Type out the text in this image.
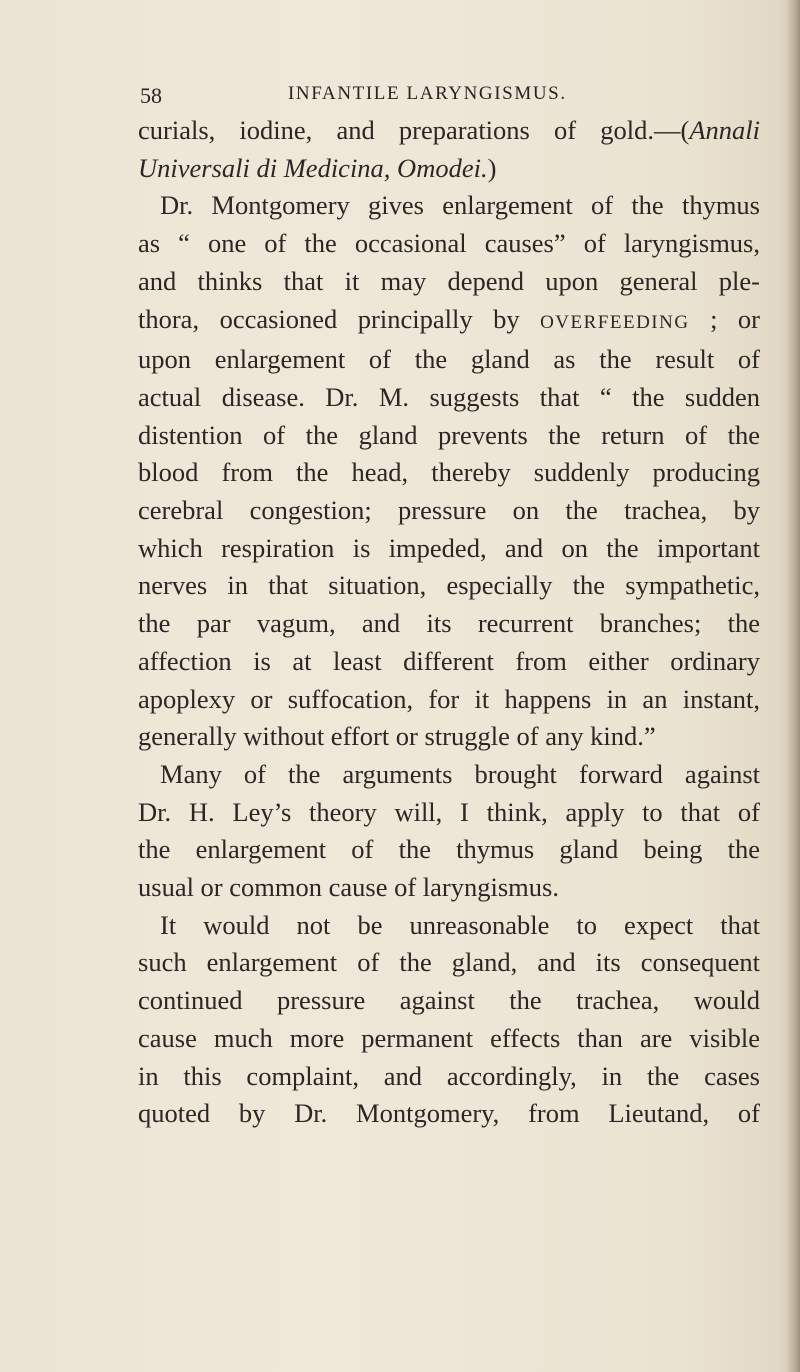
58	INFANTILE LARYNGISMUS.
curials, iodine, and preparations of gold.—(Annali
Universali di Medicina, Omodei.)
Dr. Montgomery gives enlargement of the thymus
as “ one of the occasional causes” of laryngismus,
and thinks that it may depend upon general ple-
thora, occasioned principally by OVERFEEDING ; or
upon enlargement of the gland as the result of
actual disease. Dr. M. suggests that “ the sudden
distention of the gland prevents the return of the
blood from the head, thereby suddenly producing
cerebral congestion; pressure on the trachea, by
which respiration is impeded, and on the important
nerves in that situation, especially the sympathetic,
the par vagum, and its recurrent branches; the
affection is at least different from either ordinary
apoplexy or suffocation, for it happens in an instant,
generally without effort or struggle of any kind.”
Many of the arguments brought forward against
Dr. H. Ley’s theory will, I think, apply to that of
the enlargement of the thymus gland being the
usual or common cause of laryngismus.
It would not be unreasonable to expect that
such enlargement of the gland, and its consequent
continued pressure against the trachea, would
cause much more permanent effects than are visible
in this complaint, and accordingly, in the cases
quoted by Dr. Montgomery, from Lieutand, of
